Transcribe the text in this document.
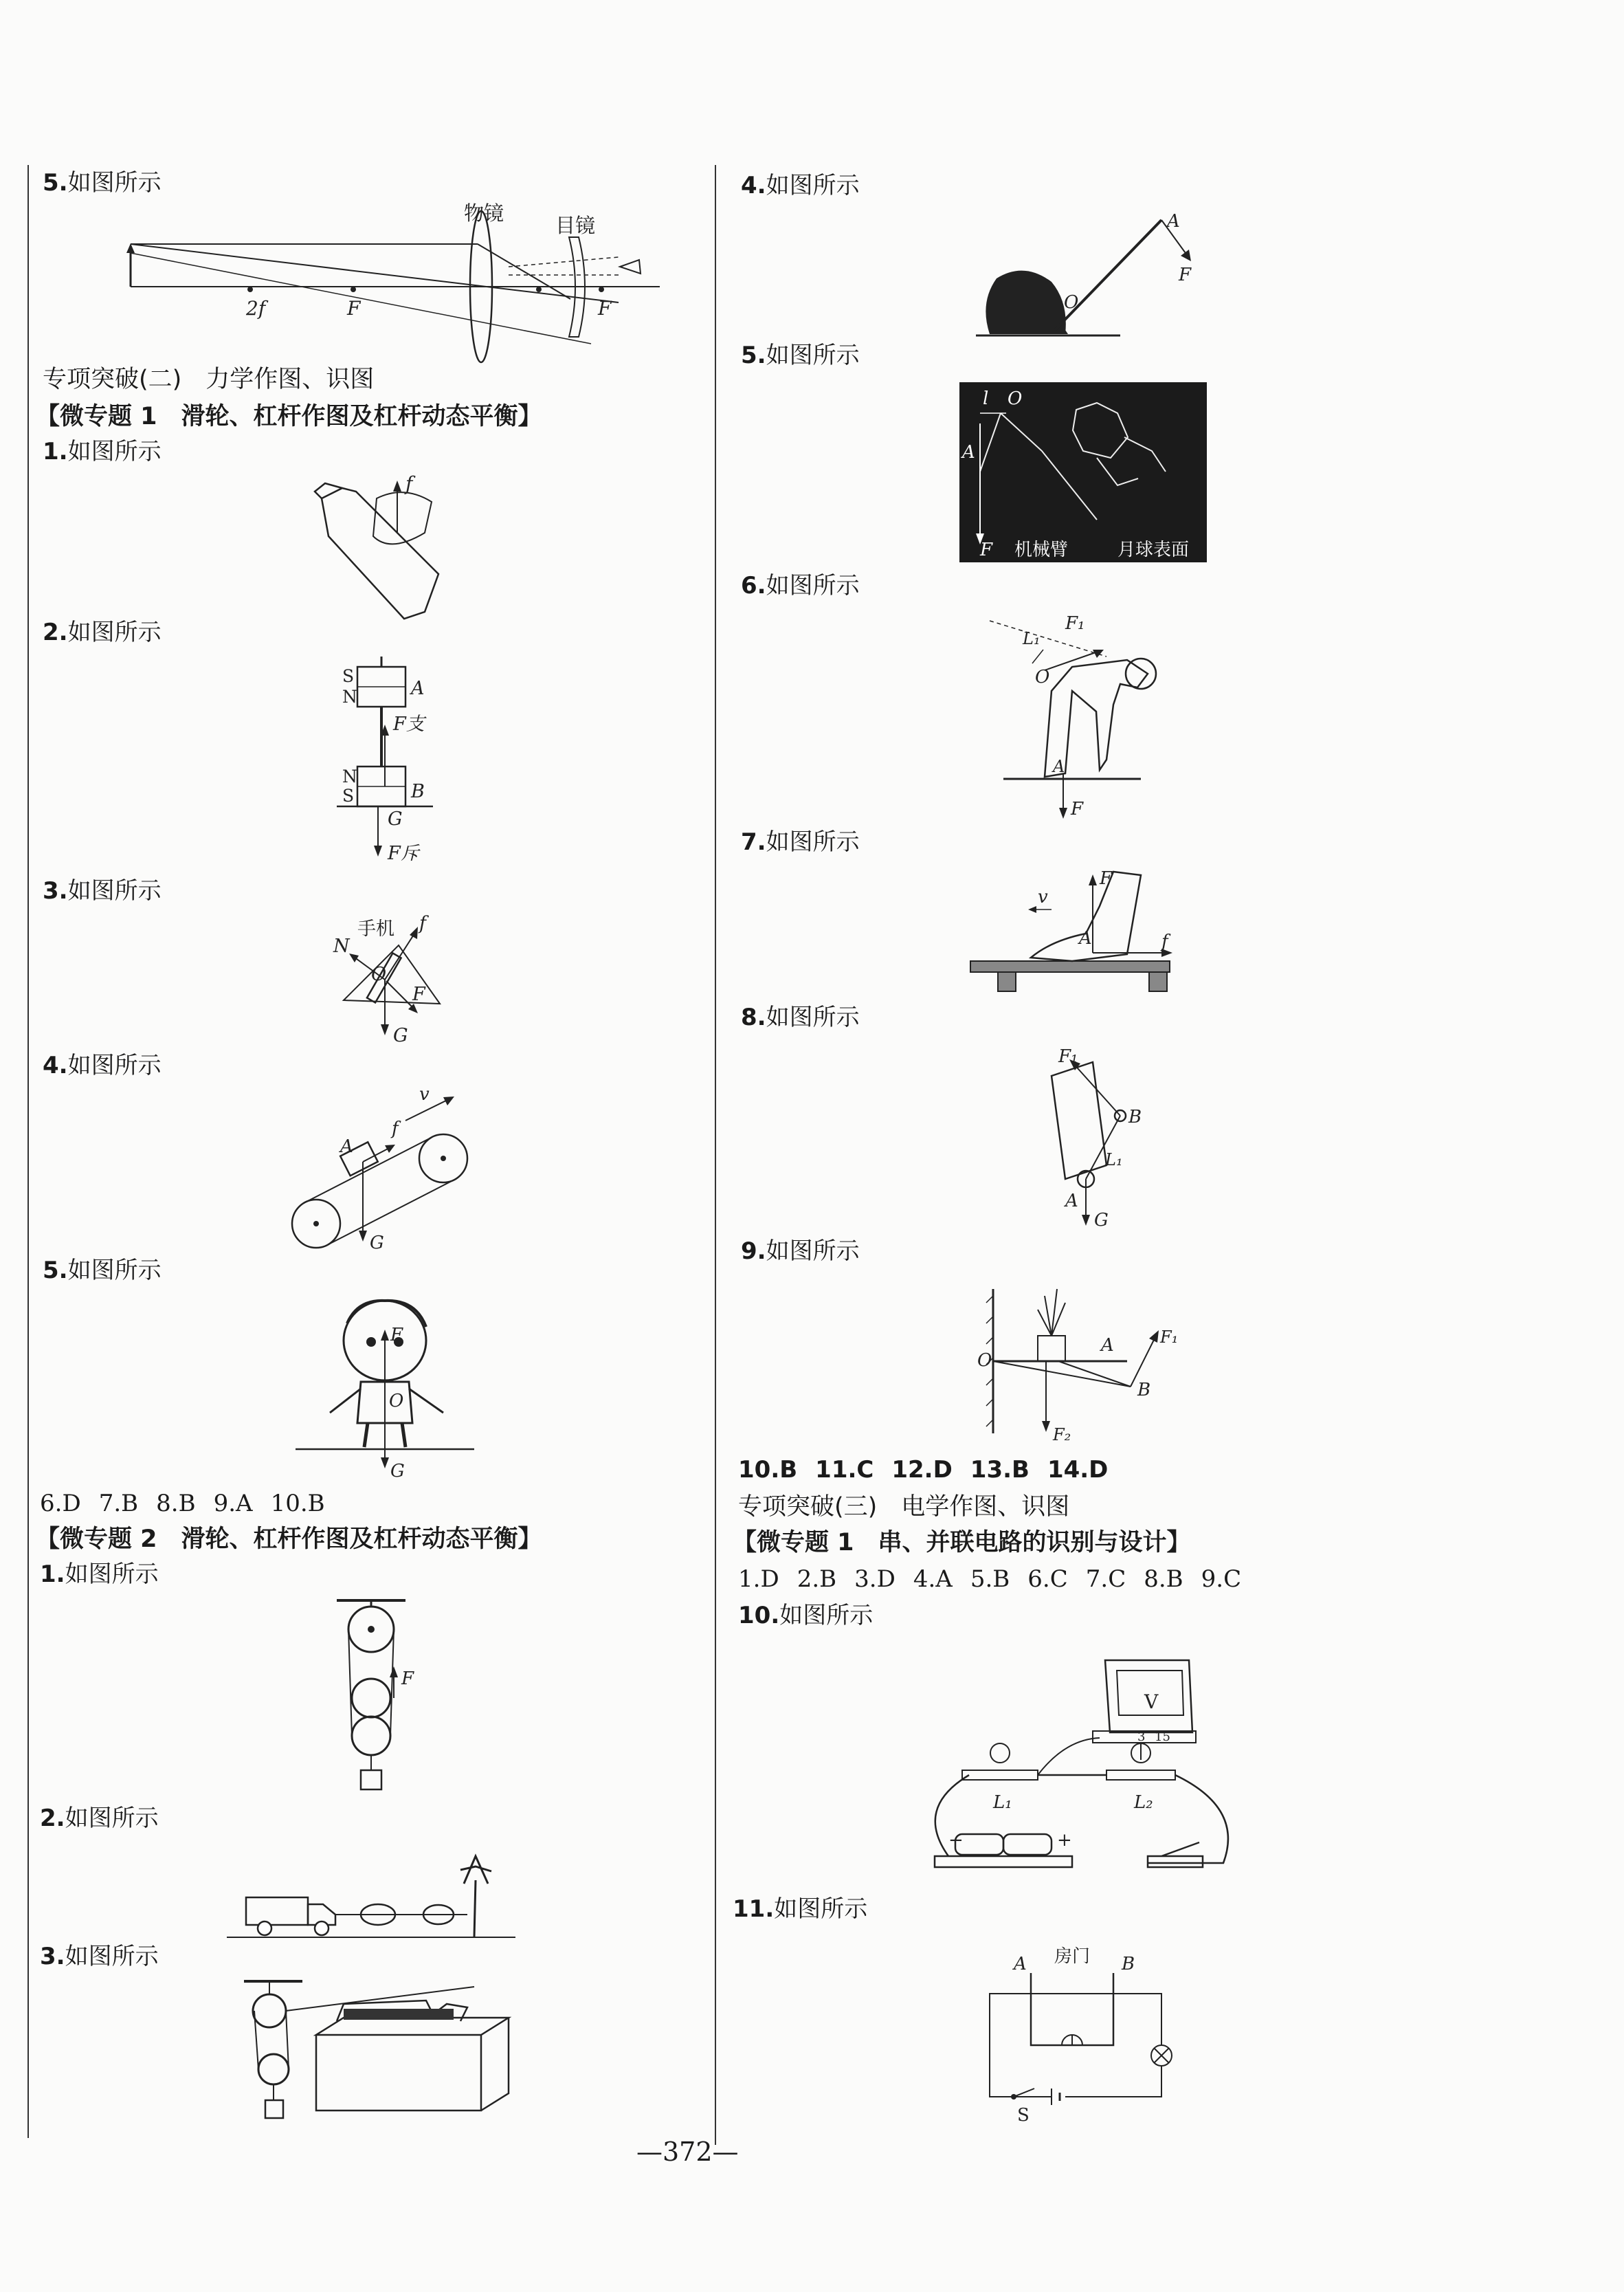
5.如图所示
2f	F	F
物镜
目镜
专项突破(二)　力学作图、识图
【微专题 1　滑轮、杠杆作图及杠杆动态平衡】
1.如图所示
f
2.如图所示
S
N	A
F支
N
S	B
G
F斥
3.如图所示
手机
N
f
O
F
G
4.如图所示
A
f
v
G
5.如图所示
F
O
G
6.D 7.B 8.B 9.A 10.B
【微专题 2　滑轮、杠杆作图及杠杆动态平衡】
1.如图所示
F
2.如图所示
3.如图所示
4.如图所示
A
O
F
5.如图所示
l O
A
F 机械臂	月球表面
6.如图所示
F₁
L₁
O
A
F
7.如图所示
F
v
A	f
8.如图所示
F₁
B
L₁
A
G
9.如图所示
O
A	F₁
B
F₂
10.B 11.C 12.D 13.B 14.D
专项突破(三)　电学作图、识图
【微专题 1　串、并联电路的识别与设计】
1.D 2.B 3.D 4.A 5.B 6.C 7.C 8.B 9.C
10.如图所示
V
3 15
L₁	L₂
−	+
11.如图所示
房门
A	B
S
—372—
